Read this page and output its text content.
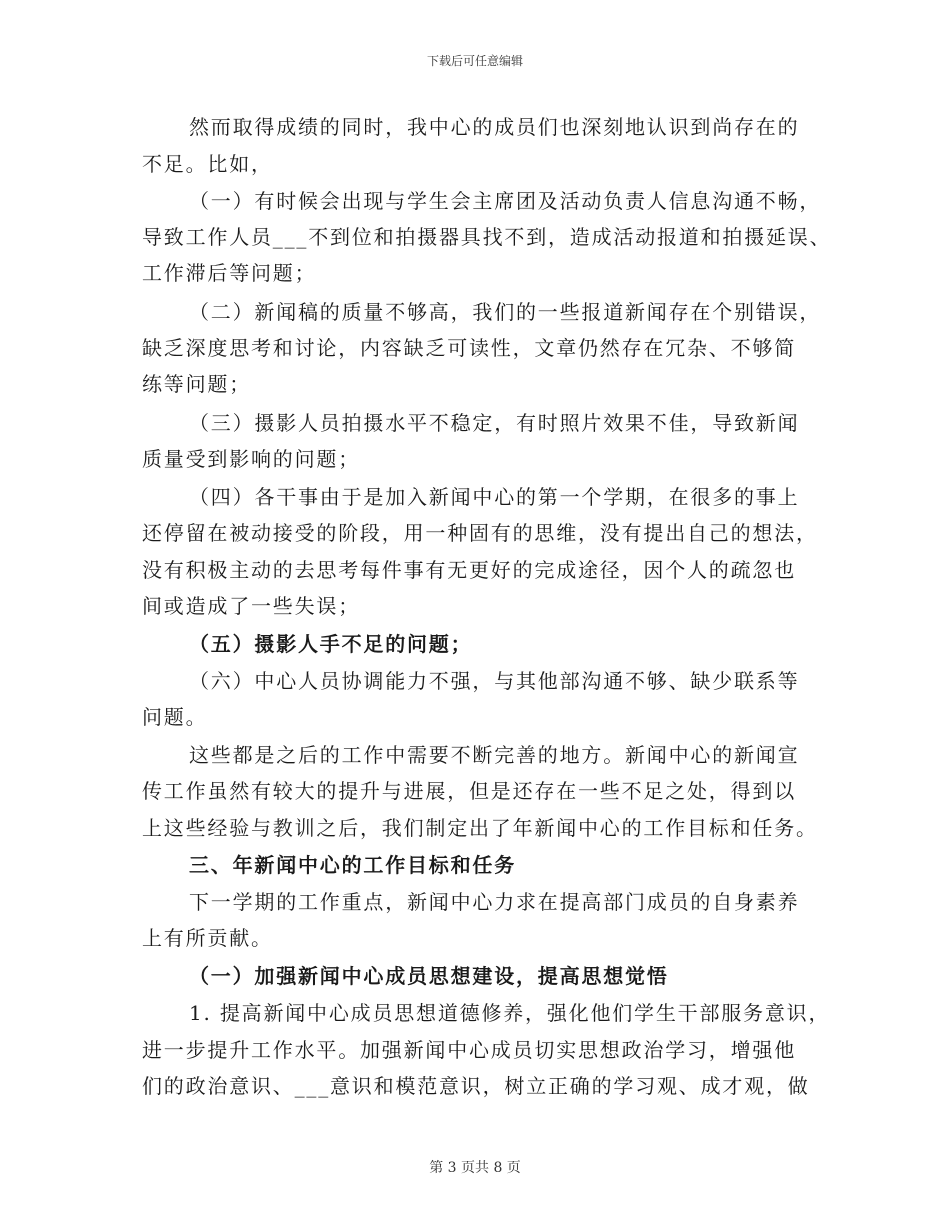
下载后可任意编辑
然而取得成绩的同时，我中心的成员们也深刻地认识到尚存在的
不足。比如，
（一）有时候会出现与学生会主席团及活动负责人信息沟通不畅，
导致工作人员___不到位和拍摄器具找不到，造成活动报道和拍摄延误、
工作滞后等问题；
（二）新闻稿的质量不够高，我们的一些报道新闻存在个别错误，
缺乏深度思考和讨论，内容缺乏可读性，文章仍然存在冗杂、不够简
练等问题；
（三）摄影人员拍摄水平不稳定，有时照片效果不佳，导致新闻
质量受到影响的问题；
（四）各干事由于是加入新闻中心的第一个学期，在很多的事上
还停留在被动接受的阶段，用一种固有的思维，没有提出自己的想法，
没有积极主动的去思考每件事有无更好的完成途径，因个人的疏忽也
间或造成了一些失误；
（五）摄影人手不足的问题；
（六）中心人员协调能力不强，与其他部沟通不够、缺少联系等
问题。
这些都是之后的工作中需要不断完善的地方。新闻中心的新闻宣
传工作虽然有较大的提升与进展，但是还存在一些不足之处，得到以
上这些经验与教训之后，我们制定出了年新闻中心的工作目标和任务。
三、年新闻中心的工作目标和任务
下一学期的工作重点，新闻中心力求在提高部门成员的自身素养
上有所贡献。
（一）加强新闻中心成员思想建设，提高思想觉悟
1. 提高新闻中心成员思想道德修养，强化他们学生干部服务意识，
进一步提升工作水平。加强新闻中心成员切实思想政治学习，增强他
们的政治意识、___意识和模范意识，树立正确的学习观、成才观，做
第 3 页共 8 页
